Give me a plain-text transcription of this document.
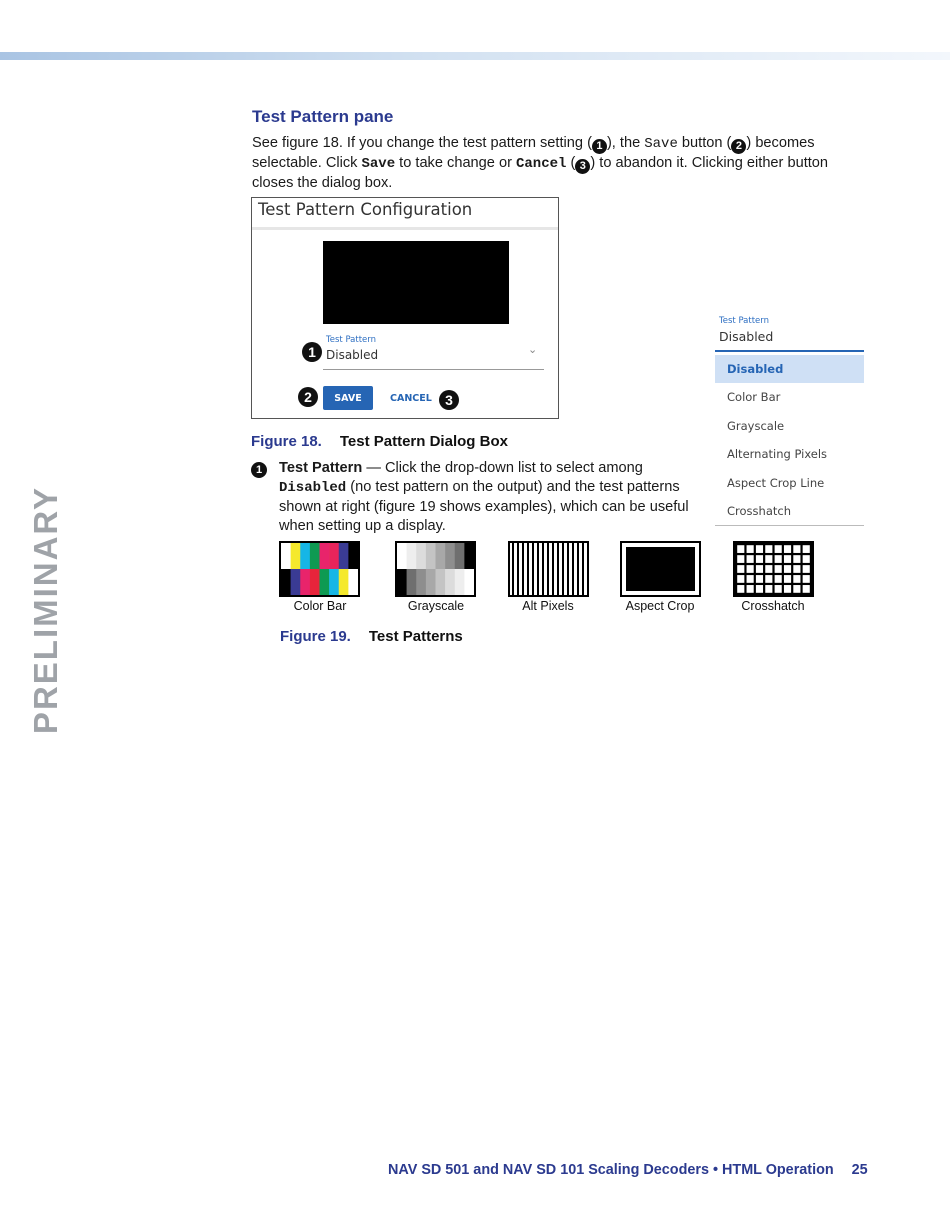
PRELIMINARY
Test Pattern pane
See figure 18. If you change the test pattern setting ( 1 ), the Save button ( 2 ) becomes selectable. Click Save to take change or Cancel ( 3 ) to abandon it. Clicking either button closes the dialog box.
Test Pattern Configuration
Test Pattern
Disabled	⌄
SAVE	CANCEL
1
2	3
Figure 18. Test Pattern Dialog Box
Test Pattern
Disabled
Disabled
Color Bar
Grayscale
Alternating Pixels
Aspect Crop Line
Crosshatch
1	Test Pattern — Click the drop-down list to select among Disabled (no test pattern on the output) and the test patterns shown at right (figure 19 shows examples), which can be useful when setting up a display.
Color Bar	Grayscale	Alt Pixels	Aspect Crop	Crosshatch
Figure 19. Test Patterns
NAV SD 501 and NAV SD 101 Scaling Decoders • HTML Operation 25
